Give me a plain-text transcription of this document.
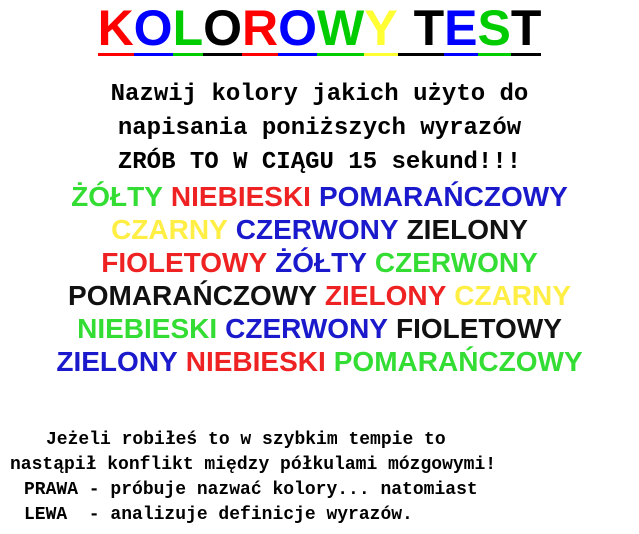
KOLOROWY TEST
Nazwij kolory jakich użyto do
napisania poniższych wyrazów
ZRÓB TO W CIĄGU 15 sekund!!!
ŻÓŁTY NIEBIESKI POMARAŃCZOWY
CZARNY CZERWONY ZIELONY
FIOLETOWY ŻÓŁTY CZERWONY
POMARAŃCZOWY ZIELONY CZARNY
NIEBIESKI CZERWONY FIOLETOWY
ZIELONY NIEBIESKI POMARAŃCZOWY
Jeżeli robiłeś to w szybkim tempie to
nastąpił konflikt między półkulami mózgowymi!
PRAWA - próbuje nazwać kolory... natomiast
LEWA  - analizuje definicje wyrazów.
